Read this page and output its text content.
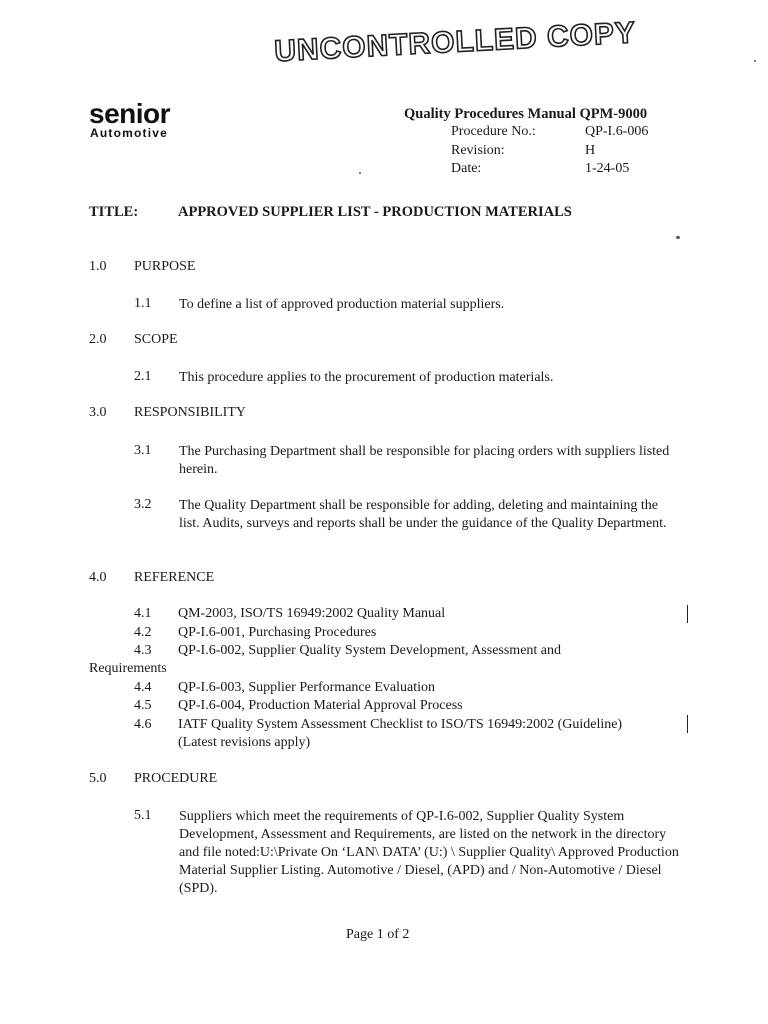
UNCONTROLLED COPY
senior
Automotive
Quality Procedures Manual QPM-9000
Procedure No.:	QP-I.6-006
Revision:	H
Date:	1-24-05
TITLE:	APPROVED SUPPLIER LIST - PRODUCTION MATERIALS
1.0 PURPOSE
1.1 To define a list of approved production material suppliers.
2.0 SCOPE
2.1 This procedure applies to the procurement of production materials.
3.0 RESPONSIBILITY
3.1 The Purchasing Department shall be responsible for placing orders with suppliers listed herein.
3.2 The Quality Department shall be responsible for adding, deleting and maintaining the list. Audits, surveys and reports shall be under the guidance of the Quality Department.
4.0 REFERENCE
4.1 QM-2003, ISO/TS 16949:2002 Quality Manual
4.2 QP-I.6-001, Purchasing Procedures
4.3 QP-I.6-002, Supplier Quality System Development, Assessment and
Requirements
4.4 QP-I.6-003, Supplier Performance Evaluation
4.5 QP-I.6-004, Production Material Approval Process
4.6 IATF Quality System Assessment Checklist to ISO/TS 16949:2002 (Guideline)
(Latest revisions apply)
5.0 PROCEDURE
5.1 Suppliers which meet the requirements of QP-I.6-002, Supplier Quality System Development, Assessment and Requirements, are listed on the network in the directory and file noted:U:\Private On ‘LAN\ DATA’ (U:) \ Supplier Quality\ Approved Production Material Supplier Listing. Automotive / Diesel, (APD) and / Non-Automotive / Diesel (SPD).
Page 1 of 2
